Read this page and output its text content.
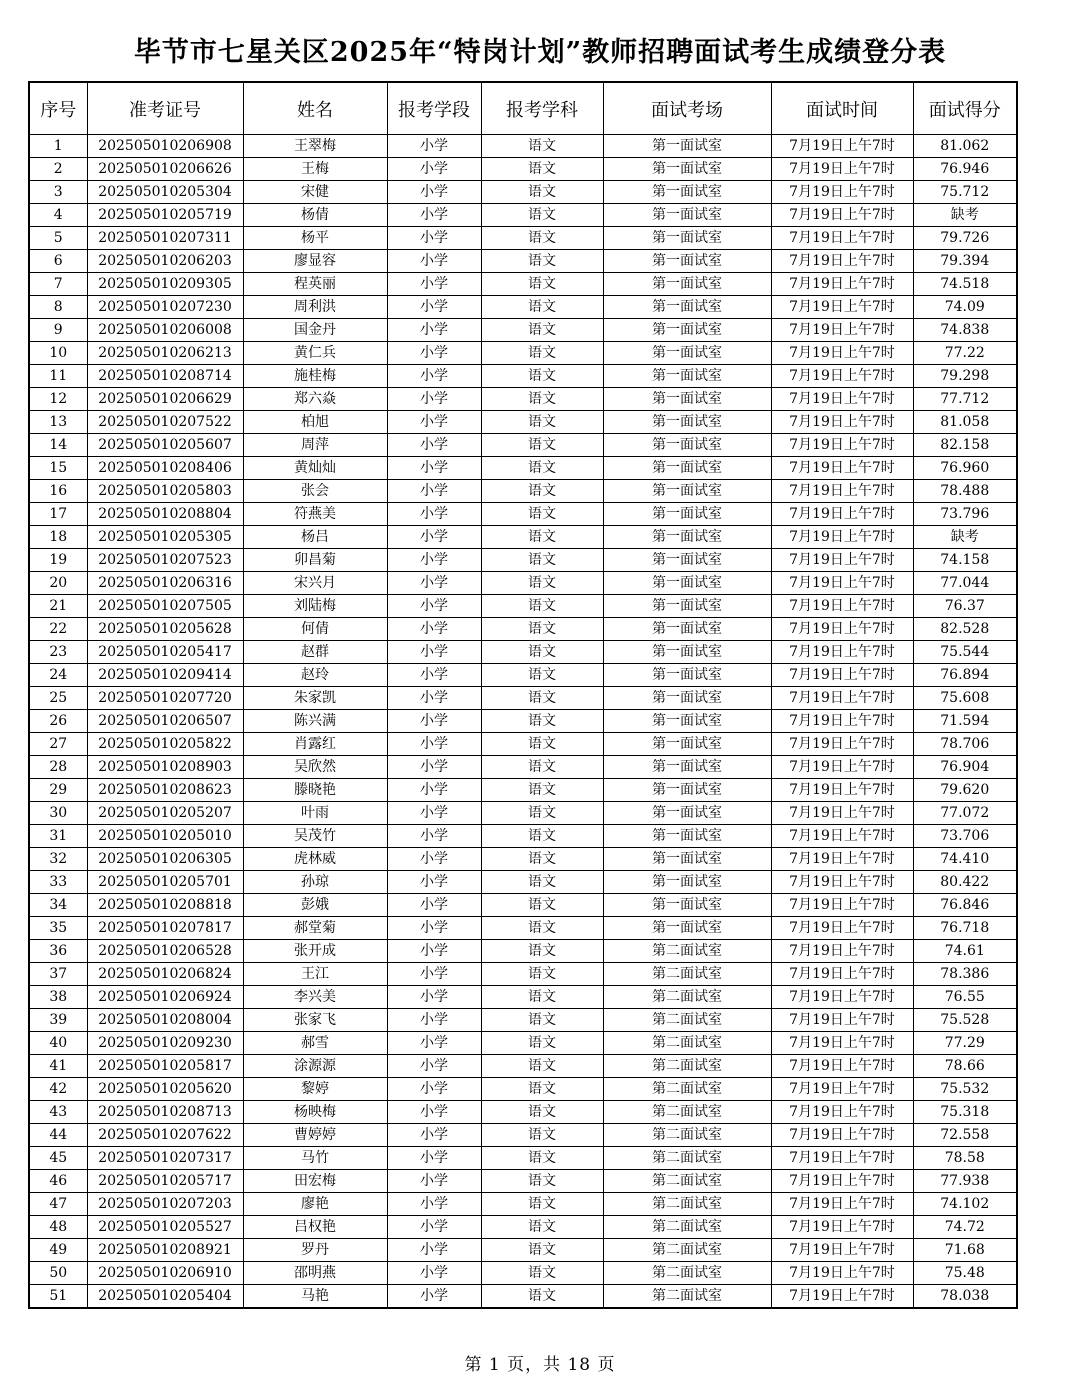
毕节市七星关区2025年“特岗计划”教师招聘面试考生成绩登分表
序号	准考证号	姓名	报考学段	报考学科	面试考场	面试时间	面试得分
1	202505010206908	王翠梅	小学	语文	第一面试室	7月19日上午7时	81.062
2	202505010206626	王梅	小学	语文	第一面试室	7月19日上午7时	76.946
3	202505010205304	宋健	小学	语文	第一面试室	7月19日上午7时	75.712
4	202505010205719	杨倩	小学	语文	第一面试室	7月19日上午7时	缺考
5	202505010207311	杨平	小学	语文	第一面试室	7月19日上午7时	79.726
6	202505010206203	廖显容	小学	语文	第一面试室	7月19日上午7时	79.394
7	202505010209305	程英丽	小学	语文	第一面试室	7月19日上午7时	74.518
8	202505010207230	周利洪	小学	语文	第一面试室	7月19日上午7时	74.09
9	202505010206008	国金丹	小学	语文	第一面试室	7月19日上午7时	74.838
10	202505010206213	黄仁兵	小学	语文	第一面试室	7月19日上午7时	77.22
11	202505010208714	施桂梅	小学	语文	第一面试室	7月19日上午7时	79.298
12	202505010206629	郑六焱	小学	语文	第一面试室	7月19日上午7时	77.712
13	202505010207522	柏旭	小学	语文	第一面试室	7月19日上午7时	81.058
14	202505010205607	周萍	小学	语文	第一面试室	7月19日上午7时	82.158
15	202505010208406	黄灿灿	小学	语文	第一面试室	7月19日上午7时	76.960
16	202505010205803	张会	小学	语文	第一面试室	7月19日上午7时	78.488
17	202505010208804	符燕美	小学	语文	第一面试室	7月19日上午7时	73.796
18	202505010205305	杨吕	小学	语文	第一面试室	7月19日上午7时	缺考
19	202505010207523	卯昌菊	小学	语文	第一面试室	7月19日上午7时	74.158
20	202505010206316	宋兴月	小学	语文	第一面试室	7月19日上午7时	77.044
21	202505010207505	刘陆梅	小学	语文	第一面试室	7月19日上午7时	76.37
22	202505010205628	何倩	小学	语文	第一面试室	7月19日上午7时	82.528
23	202505010205417	赵群	小学	语文	第一面试室	7月19日上午7时	75.544
24	202505010209414	赵玲	小学	语文	第一面试室	7月19日上午7时	76.894
25	202505010207720	朱家凯	小学	语文	第一面试室	7月19日上午7时	75.608
26	202505010206507	陈兴满	小学	语文	第一面试室	7月19日上午7时	71.594
27	202505010205822	肖露红	小学	语文	第一面试室	7月19日上午7时	78.706
28	202505010208903	吴欣然	小学	语文	第一面试室	7月19日上午7时	76.904
29	202505010208623	滕晓艳	小学	语文	第一面试室	7月19日上午7时	79.620
30	202505010205207	叶雨	小学	语文	第一面试室	7月19日上午7时	77.072
31	202505010205010	吴茂竹	小学	语文	第一面试室	7月19日上午7时	73.706
32	202505010206305	虎林威	小学	语文	第一面试室	7月19日上午7时	74.410
33	202505010205701	孙琼	小学	语文	第一面试室	7月19日上午7时	80.422
34	202505010208818	彭娥	小学	语文	第一面试室	7月19日上午7时	76.846
35	202505010207817	郝堂菊	小学	语文	第一面试室	7月19日上午7时	76.718
36	202505010206528	张开成	小学	语文	第二面试室	7月19日上午7时	74.61
37	202505010206824	王江	小学	语文	第二面试室	7月19日上午7时	78.386
38	202505010206924	李兴美	小学	语文	第二面试室	7月19日上午7时	76.55
39	202505010208004	张家飞	小学	语文	第二面试室	7月19日上午7时	75.528
40	202505010209230	郝雪	小学	语文	第二面试室	7月19日上午7时	77.29
41	202505010205817	涂源源	小学	语文	第二面试室	7月19日上午7时	78.66
42	202505010205620	黎婷	小学	语文	第二面试室	7月19日上午7时	75.532
43	202505010208713	杨映梅	小学	语文	第二面试室	7月19日上午7时	75.318
44	202505010207622	曹婷婷	小学	语文	第二面试室	7月19日上午7时	72.558
45	202505010207317	马竹	小学	语文	第二面试室	7月19日上午7时	78.58
46	202505010205717	田宏梅	小学	语文	第二面试室	7月19日上午7时	77.938
47	202505010207203	廖艳	小学	语文	第二面试室	7月19日上午7时	74.102
48	202505010205527	吕权艳	小学	语文	第二面试室	7月19日上午7时	74.72
49	202505010208921	罗丹	小学	语文	第二面试室	7月19日上午7时	71.68
50	202505010206910	邵明燕	小学	语文	第二面试室	7月19日上午7时	75.48
51	202505010205404	马艳	小学	语文	第二面试室	7月19日上午7时	78.038
第 1 页，共 18 页
